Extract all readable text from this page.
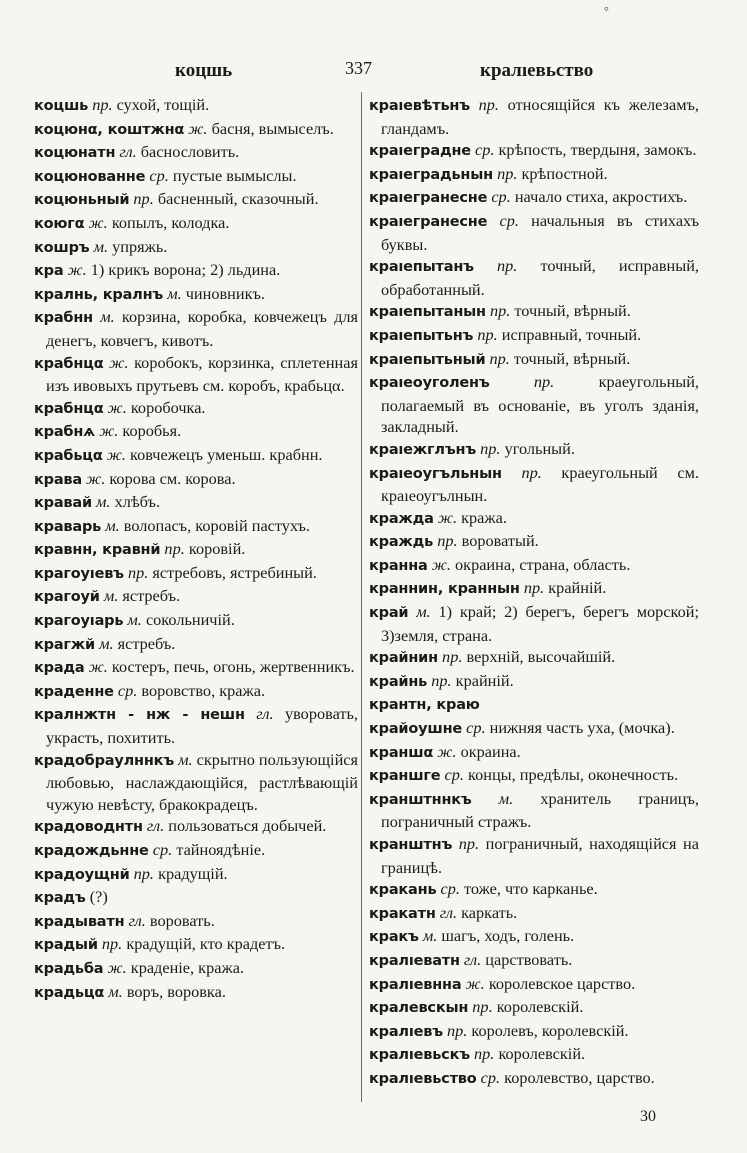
°
коцшь	337	кралıевьство

коцшь пр. сухой, тощій.

коцюнα, коштжнα ж. басня, вымыселъ.

коцюнатн гл. баснословить.

коцюнованне ср. пустые вымыслы.

коцюньный пр. басненный, сказочный.

коюгα ж. копылъ, колодка.

кошръ м. упряжь.

кра ж. 1) крикъ ворона; 2) льдина.

кралнь, кралнъ м. чиновникъ.

крабнн м. корзина, коробка, ковчежецъ для денегъ, ковчегъ, кивотъ.

крабнцα ж. коробокъ, корзинка, сплетенная изъ ивовыхъ прутьевъ см. коробъ, крабьцα.

крабнцα ж. коробочка.

крабнѧ ж. коробья.

крабьцα ж. ковчежецъ уменьш. крабнн.

крава ж. корова см. корова.

кравай м. хлѣбъ.

краварь м. волопасъ, коровій пастухъ.

кравнн, кравнй пр. коровій.

крагоуıевъ пр. ястребовъ, ястребиный.

крагоуй м. ястребъ.

крагоуıарь м. сокольничій.

крагжй м. ястребъ.

крада ж. костеръ, печь, огонь, жертвенникъ.

краденне ср. воровство, кража.

кралнжтн - нж - нешн гл. уворовать, украсть, похитить.

крадобраулннкъ м. скрытно пользующійся любовью, наслаждающійся, растлѣвающій чужую невѣсту, бракокрадецъ.

крадоводнтн гл. пользоваться добычей.

крадождьнне ср. тайноядѣніе.

крадоущнй пр. крадущій.

крадъ (?)

крадыватн гл. воровать.

крадый пр. крадущій, кто крадетъ.

крадьба ж. краденіе, кража.

крадьцα м. воръ, воровка.

краıевѣтьнъ пр. относящійся къ железамъ, гландамъ.

краıеградне ср. крѣпость, твердыня, замокъ.

краıеградьнын пр. крѣпостной.

краıегранесне ср. начало стиха, акростихъ.

краıегранесне ср. начальныя въ стихахъ буквы.

краıепытанъ пр. точный, исправный, обработанный.

краıепытанын пр. точный, вѣрный.

краıепытьнъ пр. исправный, точный.

краıепытьный пр. точный, вѣрный.

краıеоуголенъ	пр.	краеугольный, полагаемый въ основаніе, въ уголъ зданія, закладный.

краıежглънъ пр. угольный.

краıеоугъльнын пр. краеугольный см. краıеоугълнын.

кражда ж. кража.

краждь пр. вороватый.

кранна ж. окраина, страна, область.

краннин, краннын пр. крайній.

край м. 1) край; 2) берегъ, берегъ морской; 3)земля, страна.

крайнин пр. верхній, высочайшій.

крайнь пр. крайній.

крантн, краю

крайоушне ср. нижняя часть уха, (мочка).

краншα ж. окраина.

краншге ср. концы, предѣлы, оконечность.

кранштннкъ м. хранитель границъ, пограничный стражъ.

кранштнъ пр. пограничный, находящійся на границѣ.

кракань ср. тоже, что карканье.

кракатн гл. каркать.

кракъ м. шагъ, ходъ, голень.

кралıеватн гл. царствовать.

кралıевнна ж. королевское царство.

кралевскын пр. королевскій.

кралıевъ пр. королевъ, королевскій.

кралıевьскъ пр. королевскій.

кралıевьство ср. королевство, царство.

30
